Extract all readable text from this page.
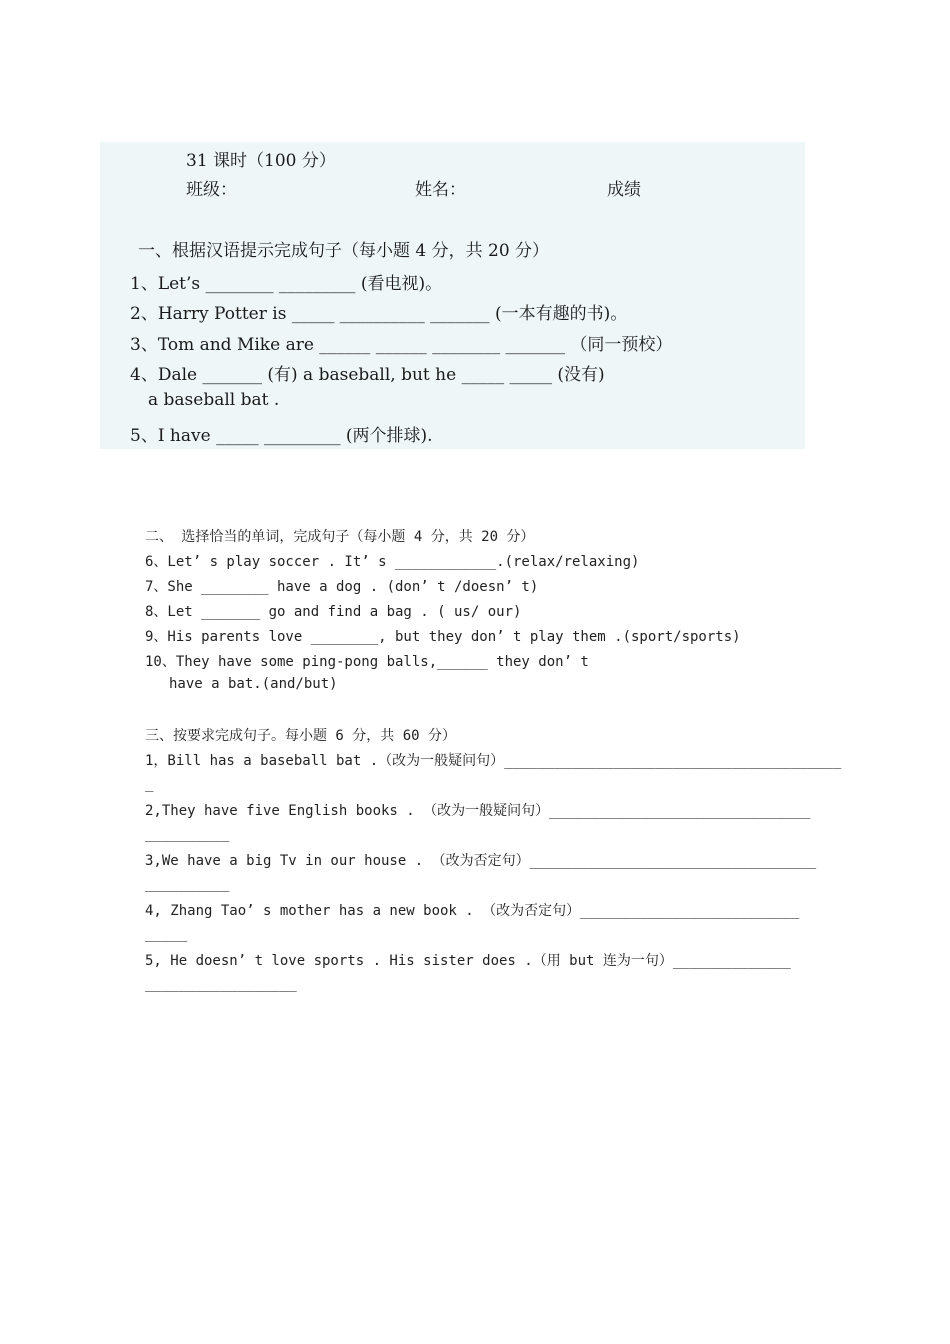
31 课时（100 分）
班级：	姓名：	成绩
一、根据汉语提示完成句子（每小题 4 分，共 20 分）
1、Let’s ________ _________ (看电视)。
2、Harry Potter is _____ __________ _______ (一本有趣的书)。
3、Tom and Mike are ______ ______ ________ _______ （同一预校）
4、Dale _______ (有) a baseball, but he _____ _____ (没有)
a baseball bat .
5、I have _____ _________ (两个排球).
二、 选择恰当的单词，完成句子（每小题 4 分，共 20 分）
6、Let’ s play soccer . It’ s ____________.(relax/relaxing)
7、She ________ have a dog . (don’ t /doesn’ t)
8、Let _______ go and find a bag . ( us/ our)
9、His parents love ________, but they don’ t play them .(sport/sports)
10、They have some ping-pong balls,______ they don’ t
have a bat.(and/but)
三、按要求完成句子。每小题 6 分，共 60 分）
1，Bill has a baseball bat .（改为一般疑问句）________________________________________
_
2,They have five English books . （改为一般疑问句）_______________________________
__________
3,We have a big Tv in our house . （改为否定句）__________________________________
__________
4, Zhang Tao’ s mother has a new book . （改为否定句）__________________________
_____
5, He doesn’ t love sports . His sister does .（用 but 连为一句）______________
__________________
